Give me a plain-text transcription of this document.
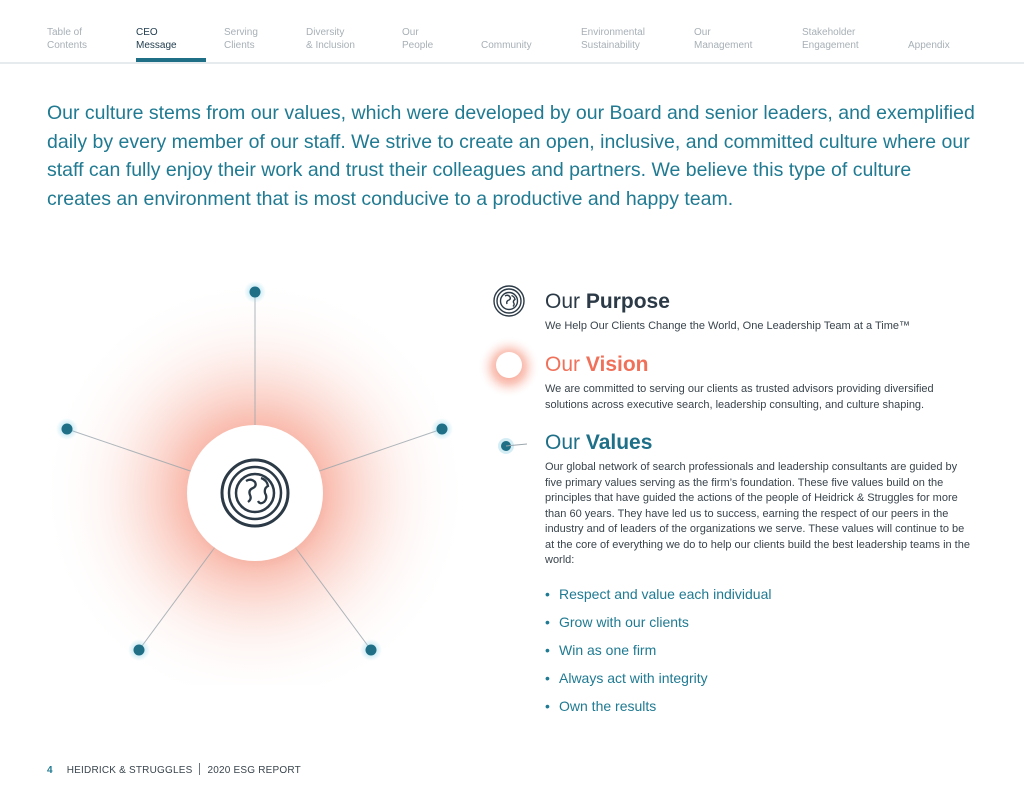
Table of
Contents
CEO
Message
Serving
Clients
Diversity
& Inclusion
Our
People	Community
Environmental
Sustainability
Our
Management
Stakeholder
Engagement	Appendix

Our culture stems from our values, which were developed by our Board and senior leaders, and exemplified daily by every member of our staff. We strive to create an open, inclusive, and committed culture where our staff can fully enjoy their work and trust their colleagues and partners. We believe this type of culture creates an environment that is most conducive to a productive and happy team.

Our Purpose

We Help Our Clients Change the World, One Leadership Team at a Time™

Our Vision

We are committed to serving our clients as trusted advisors providing diversified solutions across executive search, leadership consulting, and culture shaping.

Our Values

Our global network of search professionals and leadership consultants are guided by five primary values serving as the firm’s foundation. These five values build on the principles that have guided the actions of the people of Heidrick & Struggles for more than 60 years. They have led us to success, earning the respect of our peers in the industry and of leaders of the organizations we serve. These values will continue to be at the core of everything we do to help our clients build the best leadership teams in the world:

• Respect and value each individual
• Grow with our clients
• Win as one firm
• Always act with integrity
• Own the results
4 HEIDRICK & STRUGGLES 2020 ESG REPORT
